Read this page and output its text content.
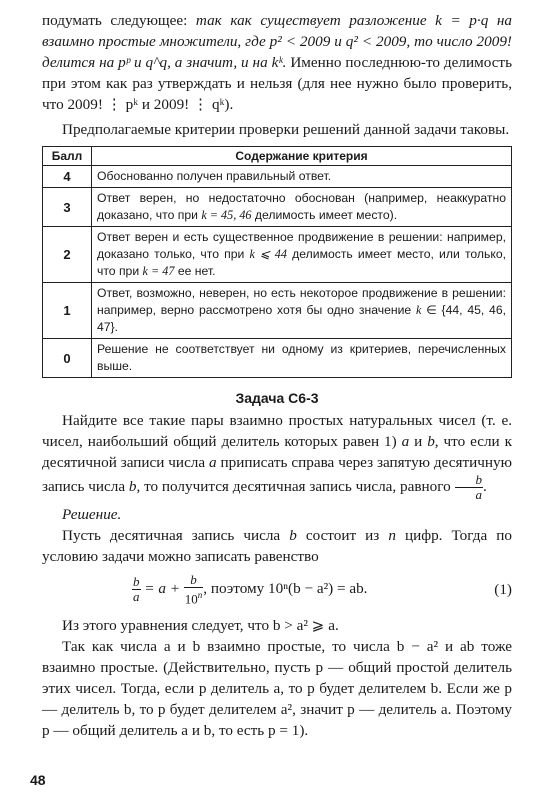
подумать следующее: так как существует разложение k = p·q на взаимно простые множители, где p² < 2009 и q² < 2009, то число 2009! делится на pᵖ и q^q, а значит, и на kᵏ. Именно последнюю-то делимость при этом как раз утверждать и нельзя (для нее нужно было проверить, что 2009! ⋮ pᵏ и 2009! ⋮ qᵏ).

Предполагаемые критерии проверки решений данной задачи таковы.

Балл	Содержание критерия
4	Обоснованно получен правильный ответ.
3	Ответ верен, но недостаточно обоснован (например, неаккуратно доказано, что при k = 45, 46 делимость имеет место).
2	Ответ верен и есть существенное продвижение в решении: например, доказано только, что при k ⩽ 44 делимость имеет место, или только, что при k = 47 ее нет.
1	Ответ, возможно, неверен, но есть некоторое продвижение в решении: например, верно рассмотрено хотя бы одно значение k ∈ {44, 45, 46, 47}.
0	Решение не соответствует ни одному из критериев, перечисленных выше.
Задача С6-3

Найдите все такие пары взаимно простых натуральных чисел (т. е. чисел, наибольший общий делитель которых равен 1) a и b, что если к десятичной записи числа a приписать справа через запятую десятичную запись числа b, то получится десятичная запись числа, равного $\frac{b}{a}$ .

Решение.

Пусть десятичная запись числа b состоит из n цифр. Тогда по условию задачи можно записать равенство

$\frac{b}{a} = a + \frac{b}{10^n}$ , поэтому 10ⁿ(b − a²) = ab.	(1)

Из этого уравнения следует, что b > a² ⩾ a.

Так как числа a и b взаимно простые, то числа b − a² и ab тоже взаимно простые. (Действительно, пусть p — общий простой делитель этих чисел. Тогда, если p делитель a, то p будет делителем b. Если же p — делитель b, то p будет делителем a², значит p — делитель a. Поэтому p — общий делитель a и b, то есть p = 1).

48
